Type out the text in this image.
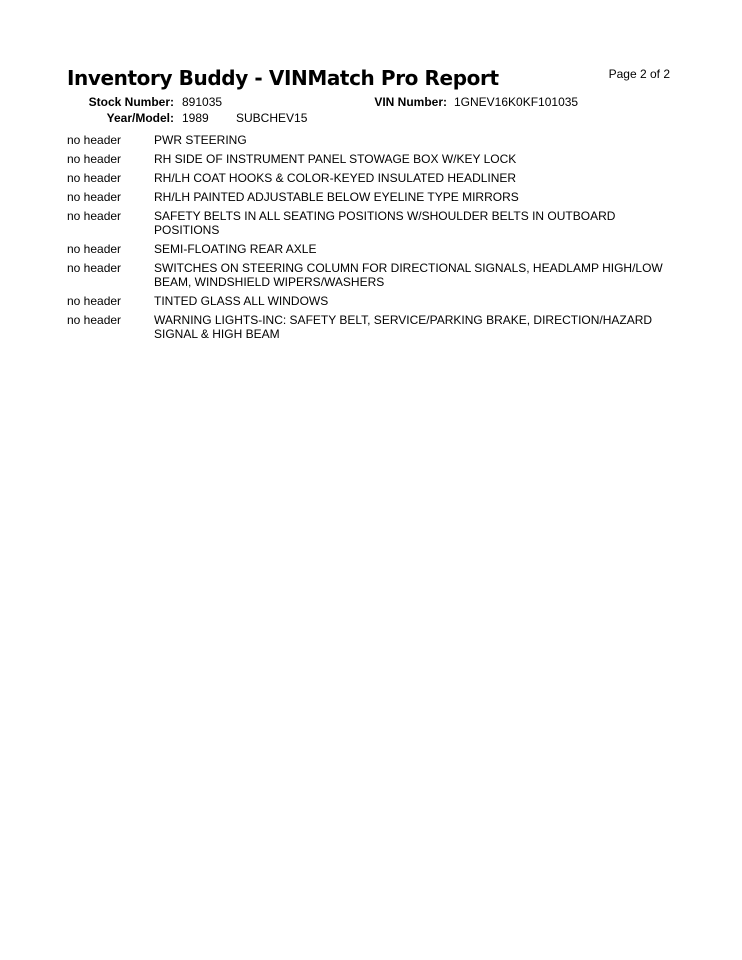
Inventory Buddy - VINMatch Pro Report	Page 2 of 2
Stock Number: 891035	VIN Number: 1GNEV16K0KF101035
Year/Model: 1989 SUBCHEV15
no header	PWR STEERING
no header	RH SIDE OF INSTRUMENT PANEL STOWAGE BOX W/KEY LOCK
no header	RH/LH COAT HOOKS & COLOR-KEYED INSULATED HEADLINER
no header	RH/LH PAINTED ADJUSTABLE BELOW EYELINE TYPE MIRRORS
no header	SAFETY BELTS IN ALL SEATING POSITIONS W/SHOULDER BELTS IN OUTBOARD POSITIONS
no header	SEMI-FLOATING REAR AXLE
no header	SWITCHES ON STEERING COLUMN FOR DIRECTIONAL SIGNALS, HEADLAMP HIGH/LOW BEAM, WINDSHIELD WIPERS/WASHERS
no header	TINTED GLASS ALL WINDOWS
no header	WARNING LIGHTS-INC: SAFETY BELT, SERVICE/PARKING BRAKE, DIRECTION/HAZARD SIGNAL & HIGH BEAM
